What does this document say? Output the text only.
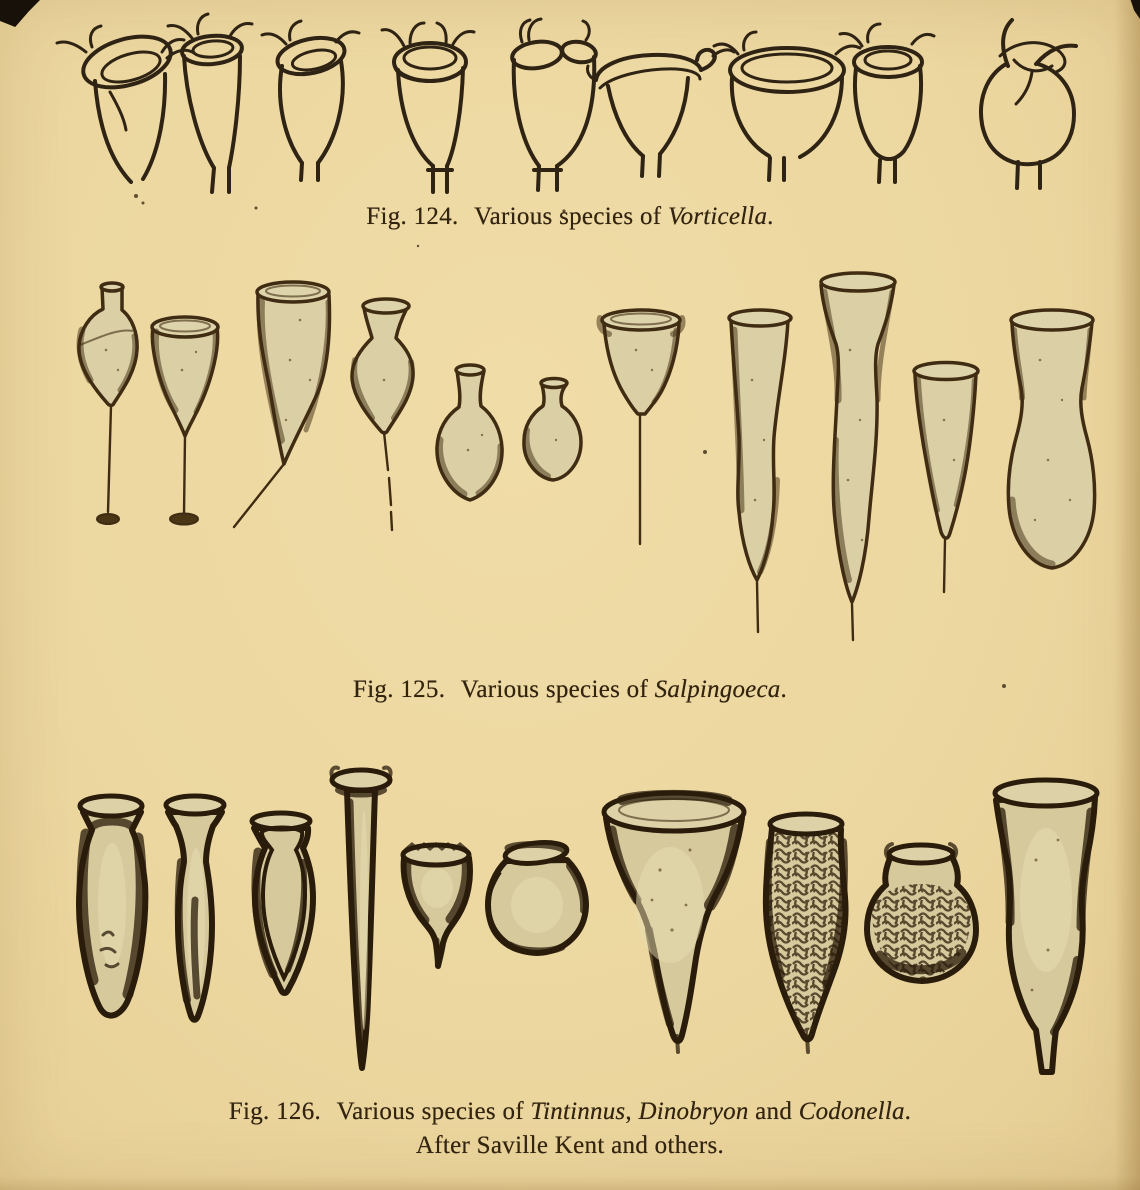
Fig. 124. Various species of Vorticella.
Fig. 125. Various species of Salpingoeca.
Fig. 126. Various species of Tintinnus, Dinobryon and Codonella.
After Saville Kent and others.
